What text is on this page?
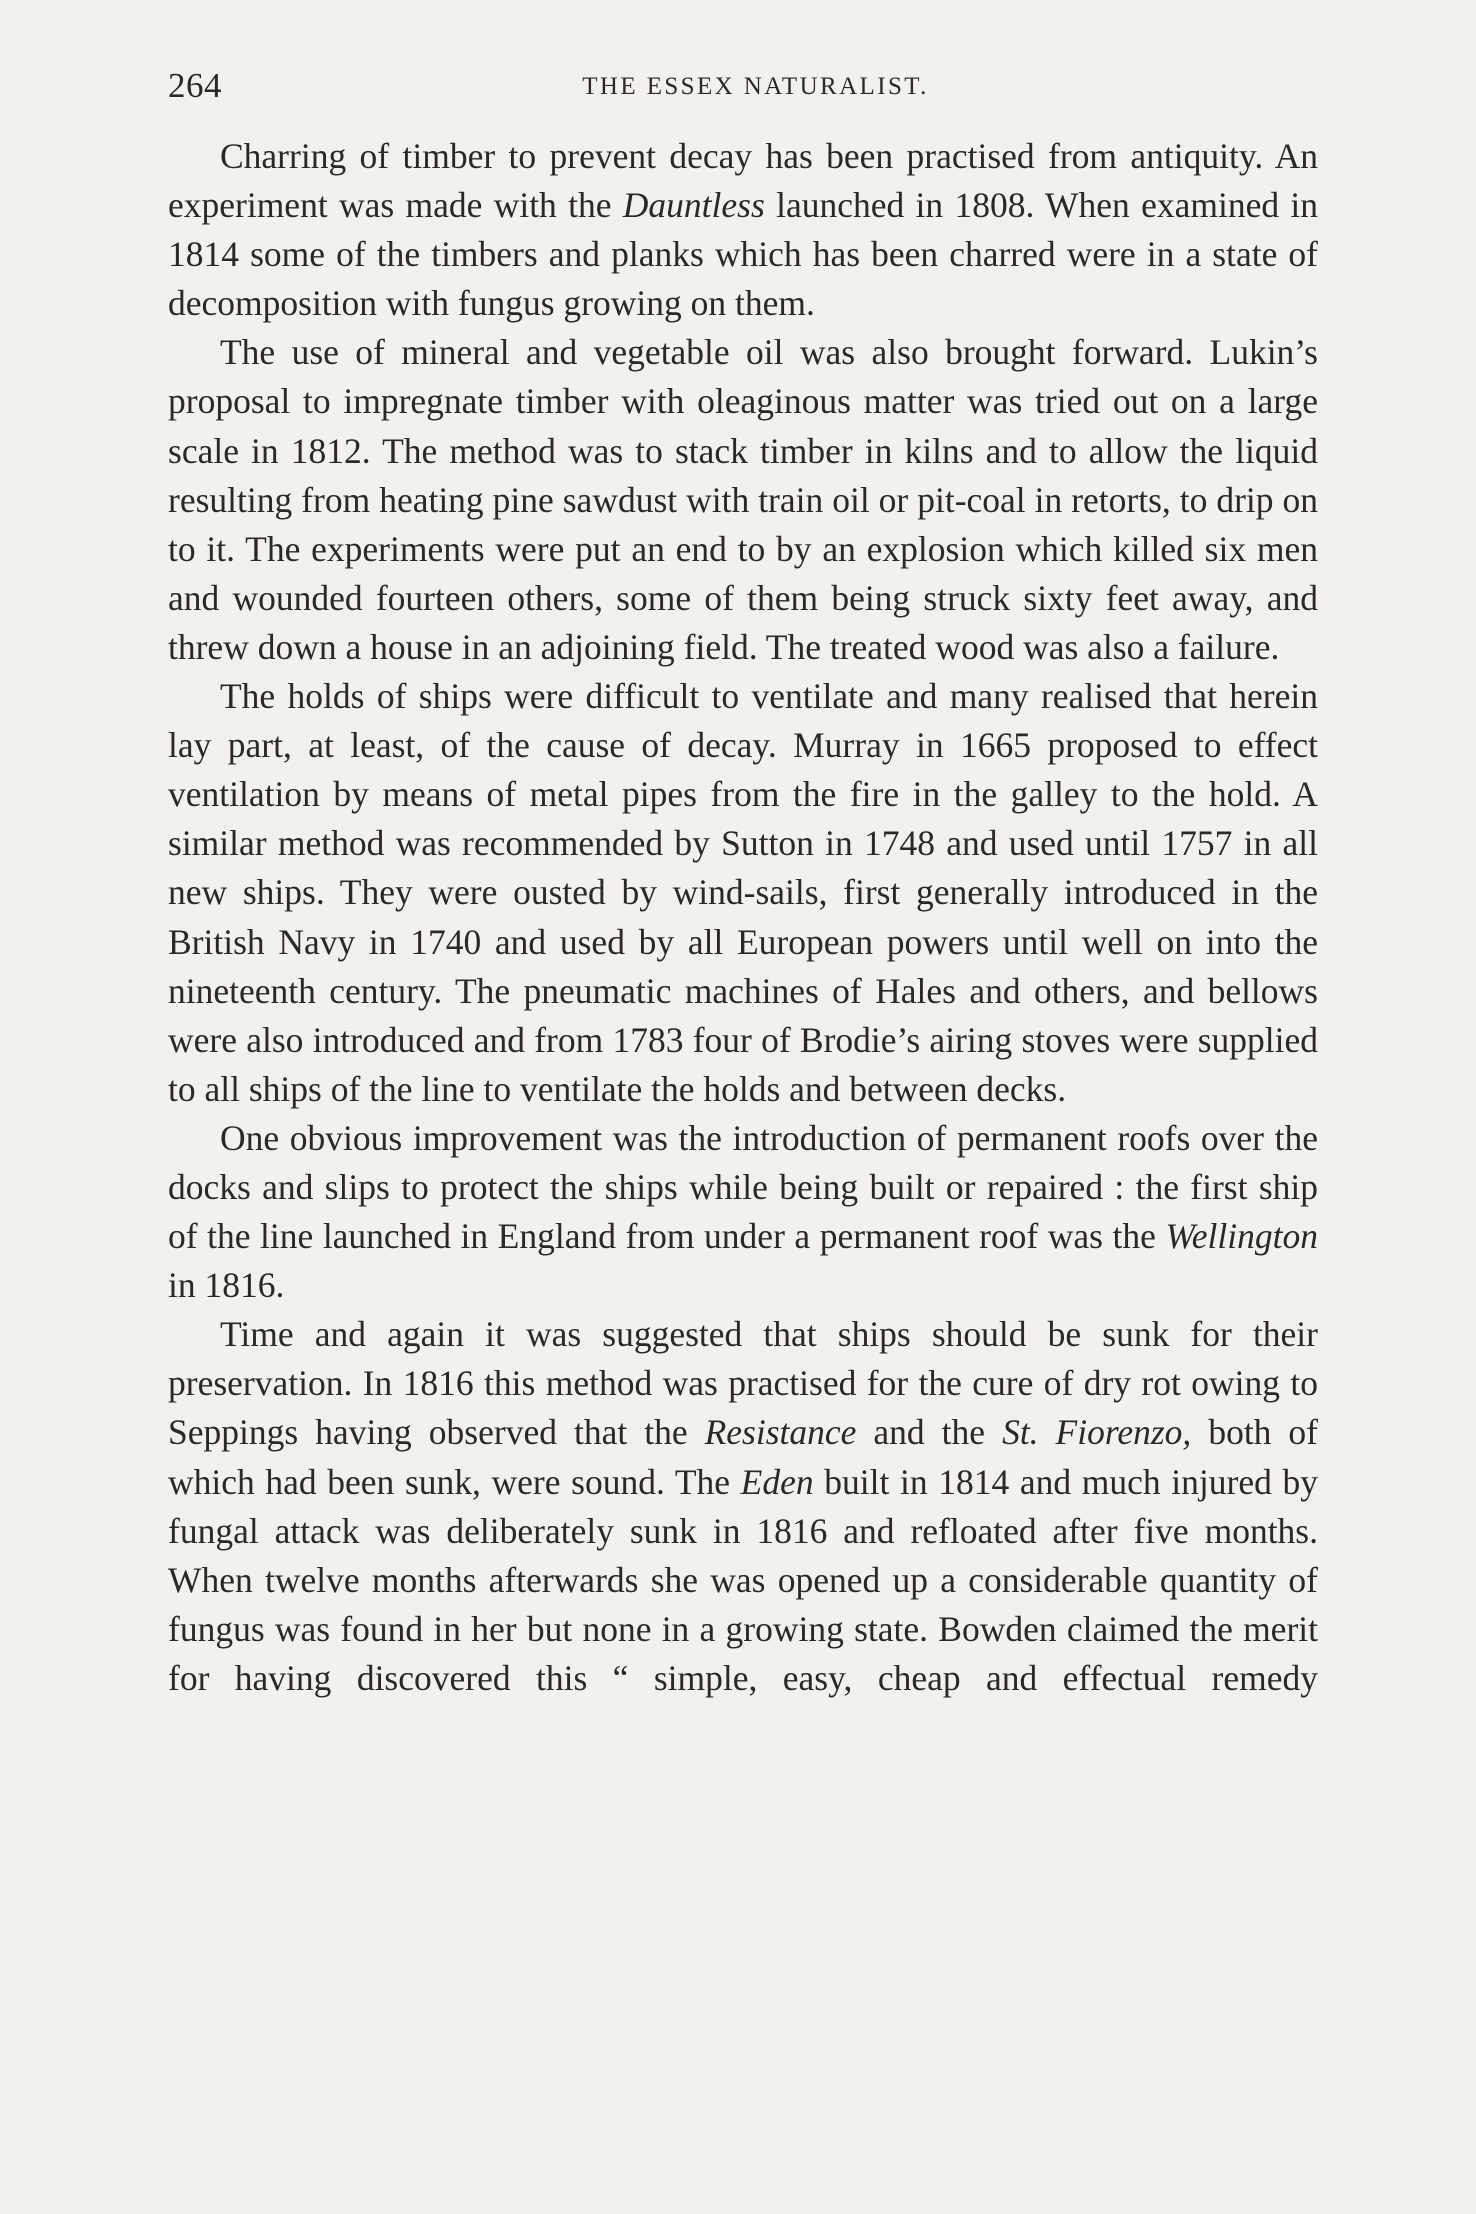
264	THE ESSEX NATURALIST.

Charring of timber to prevent decay has been practised from antiquity. An experiment was made with the Dauntless launched in 1808. When examined in 1814 some of the timbers and planks which has been charred were in a state of decomposition with fungus growing on them.

The use of mineral and vegetable oil was also brought forward. Lukin’s proposal to impregnate timber with oleaginous matter was tried out on a large scale in 1812. The method was to stack timber in kilns and to allow the liquid resulting from heating pine sawdust with train oil or pit-coal in retorts, to drip on to it. The experiments were put an end to by an explosion which killed six men and wounded fourteen others, some of them being struck sixty feet away, and threw down a house in an adjoining field. The treated wood was also a failure.

The holds of ships were difficult to ventilate and many realised that herein lay part, at least, of the cause of decay. Murray in 1665 proposed to effect ventilation by means of metal pipes from the fire in the galley to the hold. A similar method was recommended by Sutton in 1748 and used until 1757 in all new ships. They were ousted by wind-sails, first generally introduced in the British Navy in 1740 and used by all European powers until well on into the nineteenth century. The pneumatic machines of Hales and others, and bellows were also introduced and from 1783 four of Brodie’s airing stoves were supplied to all ships of the line to ventilate the holds and between decks.

One obvious improvement was the introduction of permanent roofs over the docks and slips to protect the ships while being built or repaired : the first ship of the line launched in England from under a permanent roof was the Wellington in 1816.

Time and again it was suggested that ships should be sunk for their preservation. In 1816 this method was practised for the cure of dry rot owing to Seppings having observed that the Resistance and the St. Fiorenzo, both of which had been sunk, were sound. The Eden built in 1814 and much injured by fungal attack was deliberately sunk in 1816 and refloated after five months. When twelve months afterwards she was opened up a considerable quantity of fungus was found in her but none in a growing state. Bowden claimed the merit for having discovered this “ simple, easy, cheap and effectual remedy
